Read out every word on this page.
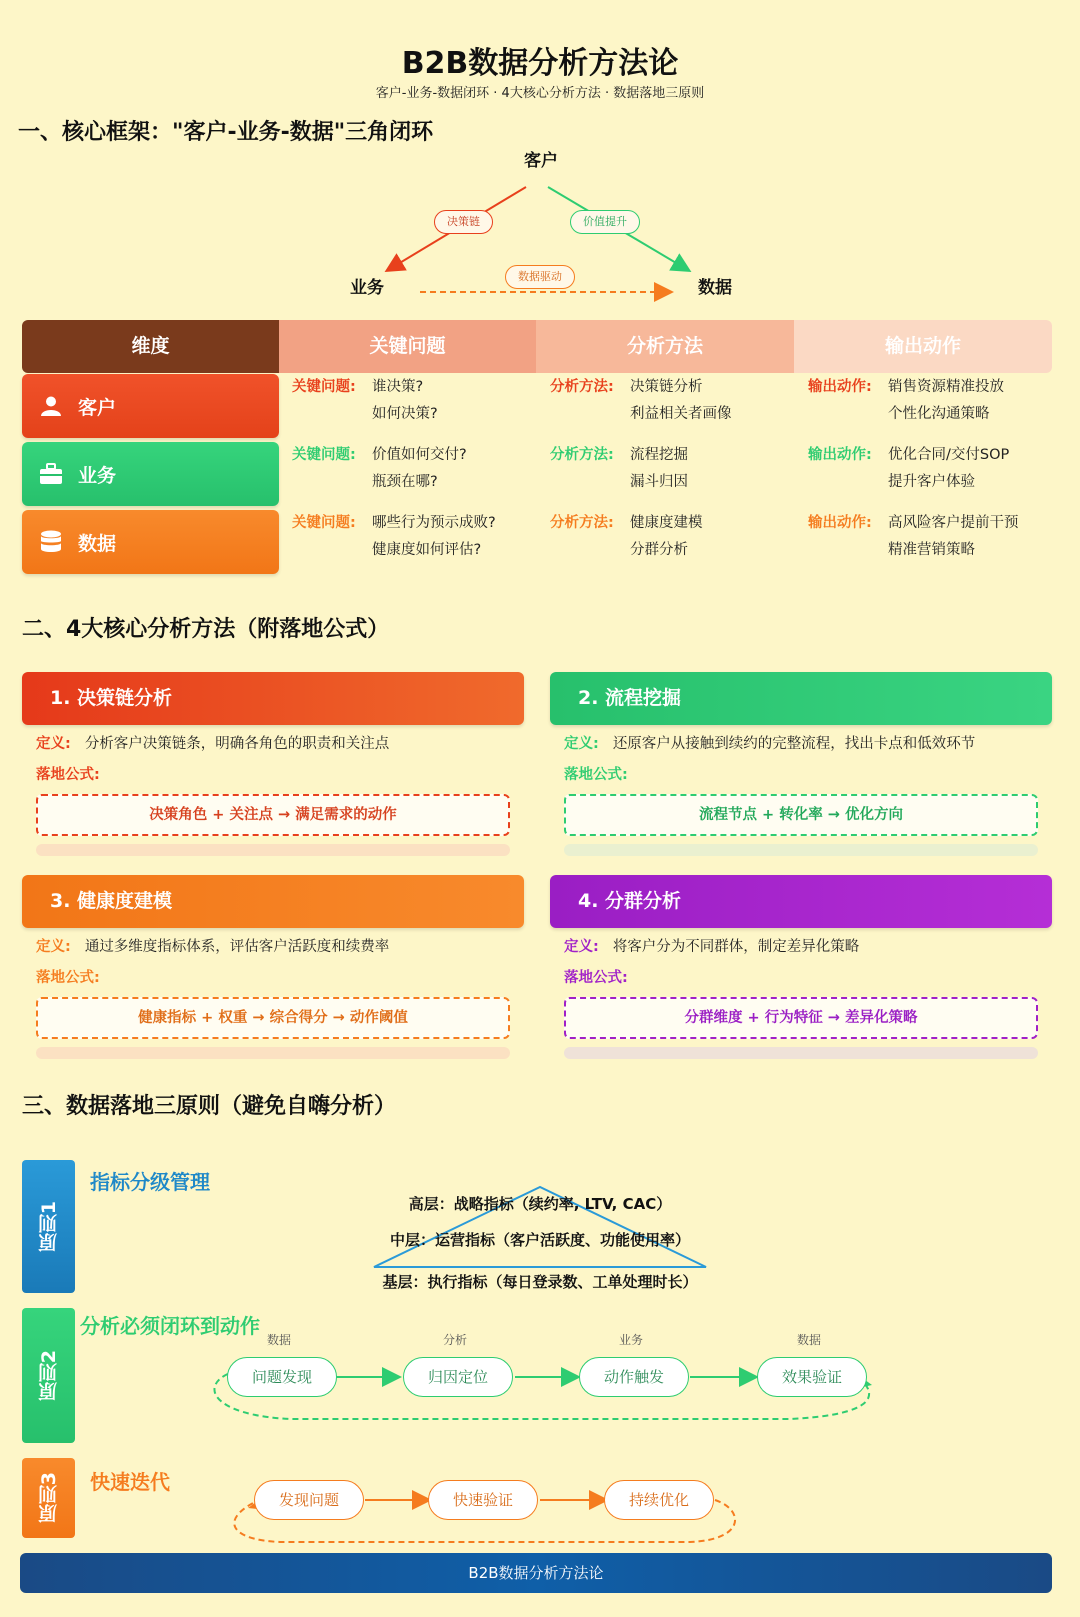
B2B数据分析方法论
客户-业务-数据闭环 · 4大核心分析方法 · 数据落地三原则
一、核心框架："客户-业务-数据"三角闭环
客户
业务	数据
决策链	价值提升
数据驱动
维度	关键问题	分析方法	输出动作
客户
关键问题: 谁决策?
如何决策?
分析方法: 决策链分析
利益相关者画像
输出动作: 销售资源精准投放
个性化沟通策略
业务
关键问题: 价值如何交付?
瓶颈在哪?
分析方法: 流程挖掘
漏斗归因
输出动作: 优化合同/交付SOP
提升客户体验
数据
关键问题: 哪些行为预示成败?
健康度如何评估?
分析方法: 健康度建模
分群分析
输出动作: 高风险客户提前干预
精准营销策略
二、4大核心分析方法（附落地公式）
1. 决策链分析
定义: 分析客户决策链条，明确各角色的职责和关注点
落地公式:
决策角色 + 关注点 → 满足需求的动作
2. 流程挖掘
定义: 还原客户从接触到续约的完整流程，找出卡点和低效环节
落地公式:
流程节点 + 转化率 → 优化方向
3. 健康度建模
定义: 通过多维度指标体系，评估客户活跃度和续费率
落地公式:
健康指标 + 权重 → 综合得分 → 动作阈值
4. 分群分析
定义: 将客户分为不同群体，制定差异化策略
落地公式:
分群维度 + 行为特征 → 差异化策略
三、数据落地三原则（避免自嗨分析）
原则1
指标分级管理
高层：战略指标（续约率, LTV, CAC）
中层：运营指标（客户活跃度、功能使用率）
基层：执行指标（每日登录数、工单处理时长）
原则2
分析必须闭环到动作
数据
问题发现
分析
归因定位
业务
动作触发
数据
效果验证
原则3 快速迭代
发现问题	快速验证	持续优化
B2B数据分析方法论
